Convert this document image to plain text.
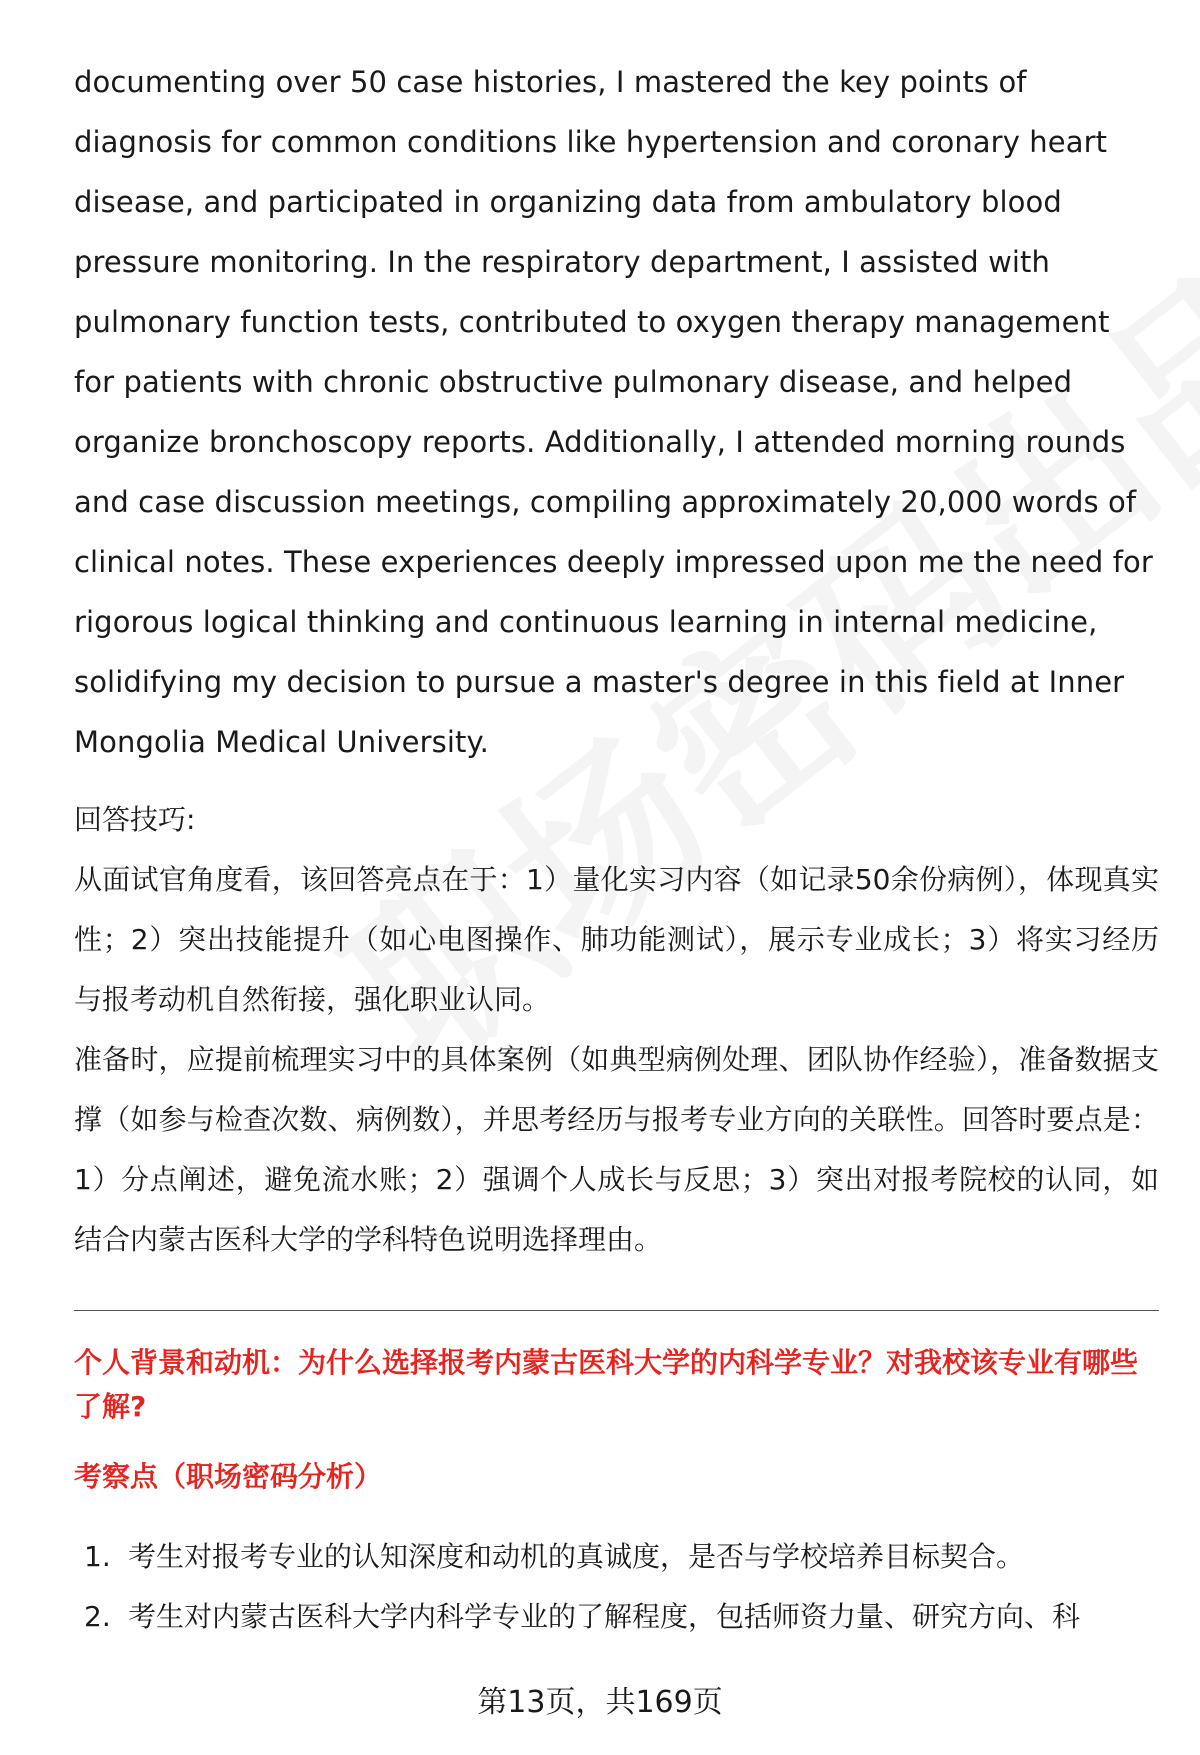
documenting over 50 case histories, I mastered the key points of diagnosis for common conditions like hypertension and coronary heart disease, and participated in organizing data from ambulatory blood pressure monitoring. In the respiratory department, I assisted with pulmonary function tests, contributed to oxygen therapy management for patients with chronic obstructive pulmonary disease, and helped organize bronchoscopy reports. Additionally, I attended morning rounds and case discussion meetings, compiling approximately 20,000 words of clinical notes. These experiences deeply impressed upon me the need for rigorous logical thinking and continuous learning in internal medicine, solidifying my decision to pursue a master's degree in this field at Inner Mongolia Medical University.

回答技巧:

从面试官角度看，该回答亮点在于：1）量化实习内容（如记录50余份病例），体现真实性；2）突出技能提升（如心电图操作、肺功能测试），展示专业成长；3）将实习经历与报考动机自然衔接，强化职业认同。

准备时，应提前梳理实习中的具体案例（如典型病例处理、团队协作经验），准备数据支撑（如参与检查次数、病例数），并思考经历与报考专业方向的关联性。回答时要点是：1）分点阐述，避免流水账；2）强调个人成长与反思；3）突出对报考院校的认同，如结合内蒙古医科大学的学科特色说明选择理由。

个人背景和动机：为什么选择报考内蒙古医科大学的内科学专业？对我校该专业有哪些了解?

考察点（职场密码分析）

1. 考生对报考专业的认知深度和动机的真诚度，是否与学校培养目标契合。
2. 考生对内蒙古医科大学内科学专业的了解程度，包括师资力量、研究方向、科
第13页，共169页
